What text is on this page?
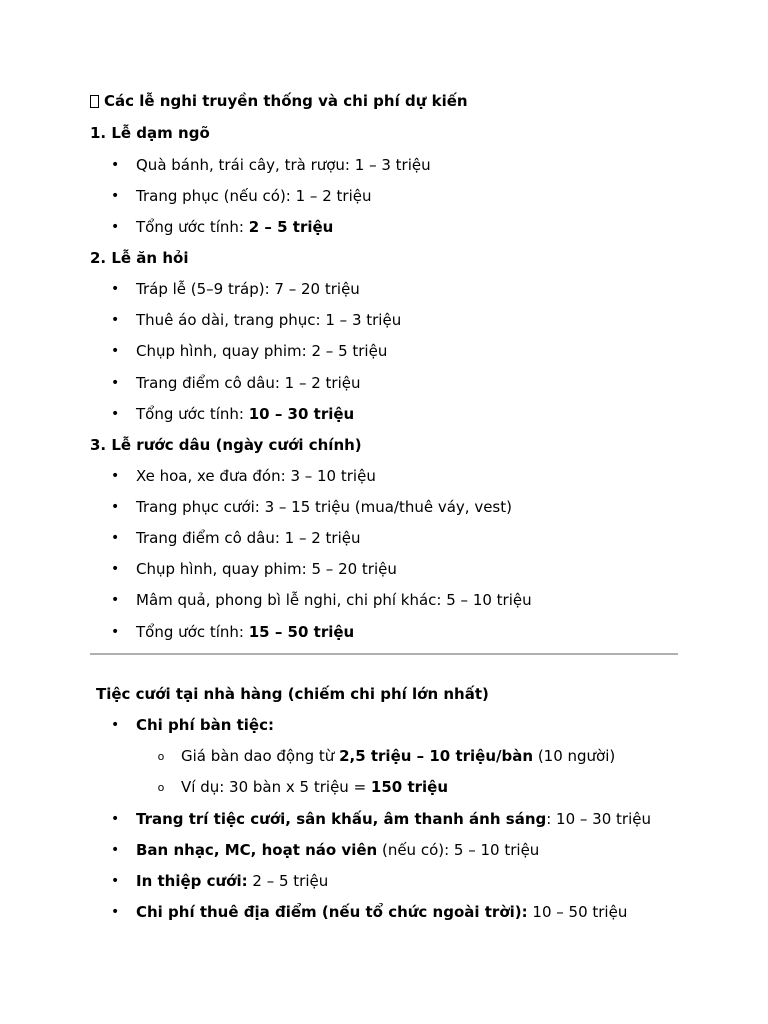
Các lễ nghi truyền thống và chi phí dự kiến
1. Lễ dạm ngõ
•
Quà bánh, trái cây, trà rượu: 1 – 3 triệu
•
Trang phục (nếu có): 1 – 2 triệu
•
Tổng ước tính: 2 – 5 triệu
2. Lễ ăn hỏi
•
Tráp lễ (5–9 tráp): 7 – 20 triệu
•
Thuê áo dài, trang phục: 1 – 3 triệu
•
Chụp hình, quay phim: 2 – 5 triệu
•
Trang điểm cô dâu: 1 – 2 triệu
•
Tổng ước tính: 10 – 30 triệu
3. Lễ rước dâu (ngày cưới chính)
•
Xe hoa, xe đưa đón: 3 – 10 triệu
•
Trang phục cưới: 3 – 15 triệu (mua/thuê váy, vest)
•
Trang điểm cô dâu: 1 – 2 triệu
•
Chụp hình, quay phim: 5 – 20 triệu
•
Mâm quả, phong bì lễ nghi, chi phí khác: 5 – 10 triệu
•
Tổng ước tính: 15 – 50 triệu
Tiệc cưới tại nhà hàng (chiếm chi phí lớn nhất)
•
Chi phí bàn tiệc:
o
Giá bàn dao động từ 2,5 triệu – 10 triệu/bàn (10 người)
o
Ví dụ: 30 bàn x 5 triệu = 150 triệu
•
Trang trí tiệc cưới, sân khấu, âm thanh ánh sáng: 10 – 30 triệu
•
Ban nhạc, MC, hoạt náo viên (nếu có): 5 – 10 triệu
•
In thiệp cưới: 2 – 5 triệu
•
Chi phí thuê địa điểm (nếu tổ chức ngoài trời): 10 – 50 triệu
